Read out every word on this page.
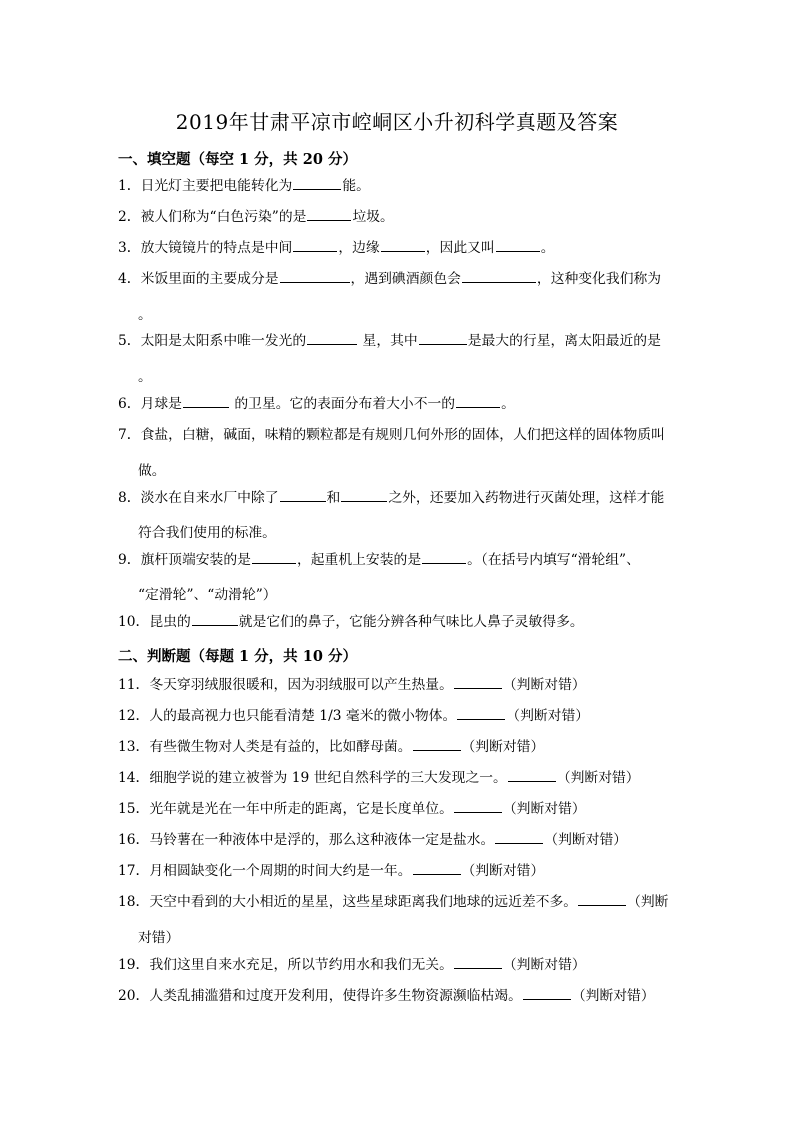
2019年甘肃平凉市崆峒区小升初科学真题及答案
一、填空题（每空 1 分，共 20 分）
1．日光灯主要把电能转化为	能。
2．被人们称为“白色污染”的是	垃圾。
3．放大镜镜片的特点是中间	，边缘	，因此又叫	。
4．米饭里面的主要成分是	，遇到碘酒颜色会	，这种变化我们称为
。
5．太阳是太阳系中唯一发光的	星，其中	是最大的行星，离太阳最近的是
。
6．月球是	的卫星。它的表面分布着大小不一的	。
7．食盐，白糖，碱面，味精的颗粒都是有规则几何外形的固体，人们把这样的固体物质叫
做。
8．淡水在自来水厂中除了	和	之外，还要加入药物进行灭菌处理，这样才能
符合我们使用的标准。
9．旗杆顶端安装的是	，起重机上安装的是	。（在括号内填写“滑轮组”、
“定滑轮”、“动滑轮”）
10．昆虫的	就是它们的鼻子，它能分辨各种气味比人鼻子灵敏得多。
二、判断题（每题 1 分，共 10 分）
11．冬天穿羽绒服很暖和，因为羽绒服可以产生热量。	（判断对错）
12．人的最高视力也只能看清楚 1/3 毫米的微小物体。	（判断对错）
13．有些微生物对人类是有益的，比如酵母菌。	（判断对错）
14．细胞学说的建立被誉为 19 世纪自然科学的三大发现之一。	（判断对错）
15．光年就是光在一年中所走的距离，它是长度单位。	（判断对错）
16．马铃薯在一种液体中是浮的，那么这种液体一定是盐水。	（判断对错）
17．月相圆缺变化一个周期的时间大约是一年。	（判断对错）
18．天空中看到的大小相近的星星，这些星球距离我们地球的远近差不多。	（判断
对错）
19．我们这里自来水充足，所以节约用水和我们无关。	（判断对错）
20．人类乱捕滥猎和过度开发利用，使得许多生物资源濒临枯竭。	（判断对错）
